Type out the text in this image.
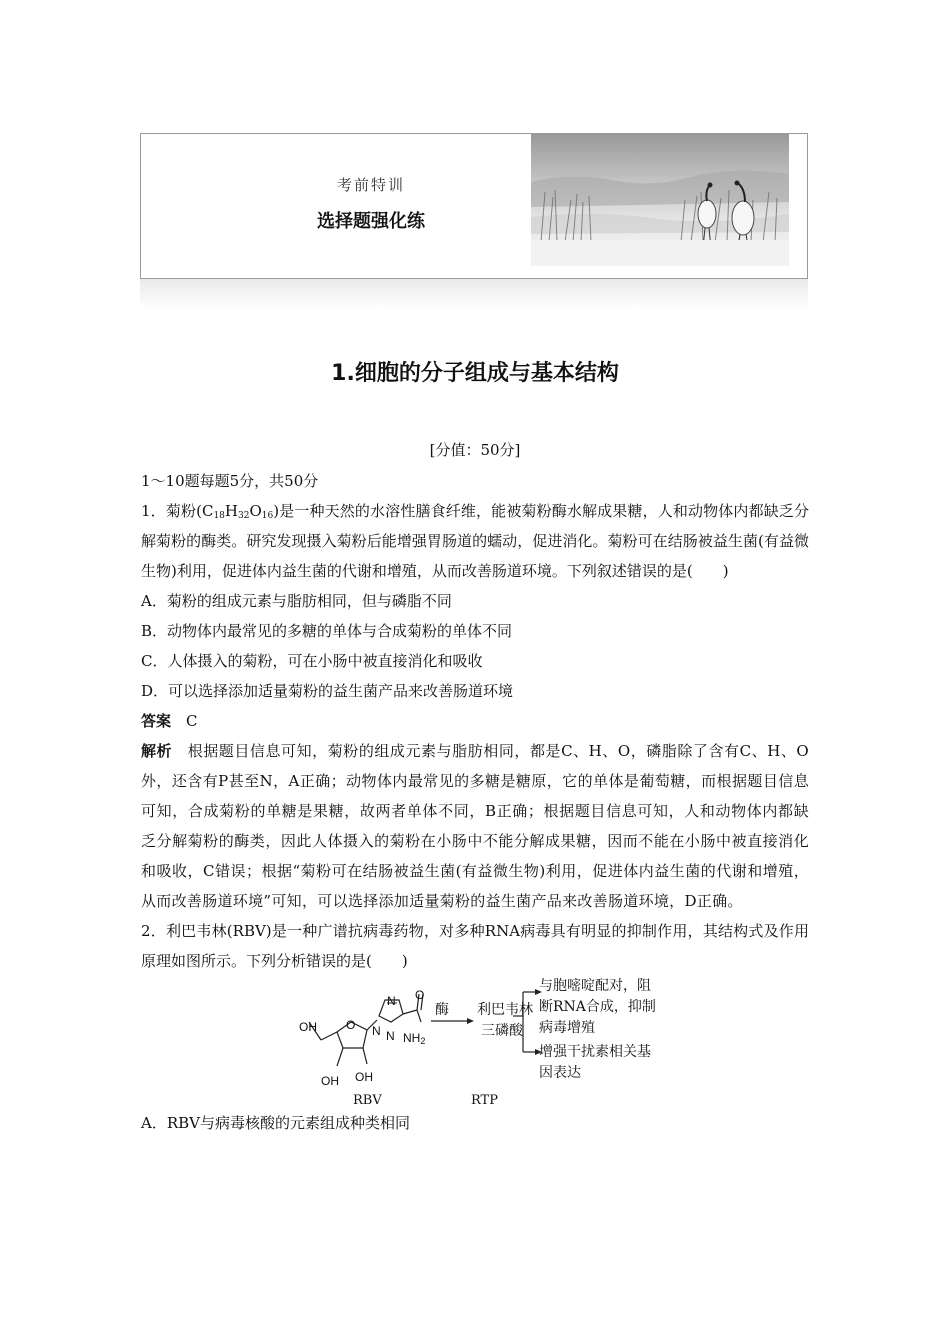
考前特训
选择题强化练
1.细胞的分子组成与基本结构
[分值：50分]

1～10题每题5分，共50分

1．菊粉$(C_{18}H_{32}O_{16})$是一种天然的水溶性膳食纤维，能被菊粉酶水解成果糖，人和动物体内都缺乏分解菊粉的酶类。研究发现摄入菊粉后能增强胃肠道的蠕动，促进消化。菊粉可在结肠被益生菌(有益微生物)利用，促进体内益生菌的代谢和增殖，从而改善肠道环境。下列叙述错误的是(　　)

A．菊粉的组成元素与脂肪相同，但与磷脂不同

B．动物体内最常见的多糖的单体与合成菊粉的单体不同

C．人体摄入的菊粉，可在小肠中被直接消化和吸收

D．可以选择添加适量菊粉的益生菌产品来改善肠道环境

答案　 C

解析　 根据题目信息可知，菊粉的组成元素与脂肪相同，都是C、H、O，磷脂除了含有C、H、O外，还含有P甚至N，A正确；动物体内最常见的多糖是糖原，它的单体是葡萄糖，而根据题目信息可知，合成菊粉的单糖是果糖，故两者单体不同，B正确；根据题目信息可知，人和动物体内都缺乏分解菊粉的酶类，因此人体摄入的菊粉在小肠中不能分解成果糖，因而不能在小肠中被直接消化和吸收，C错误；根据“菊粉可在结肠被益生菌(有益微生物)利用，促进体内益生菌的代谢和增殖，从而改善肠道环境”可知，可以选择添加适量菊粉的益生菌产品来改善肠道环境，D正确。

2．利巴韦林(RBV)是一种广谱抗病毒药物，对多种RNA病毒具有明显的抑制作用，其结构式及作用原理如图所示。下列分析错误的是(　　)

OH O N
N
N
O
$NH_2$
OH OH
酶 利巴韦林
三磷酸
与胞嘧啶配对，阻
断RNA合成，抑制
病毒增殖
增强干扰素相关基
因表达
RBV	RTP

A．RBV与病毒核酸的元素组成种类相同
